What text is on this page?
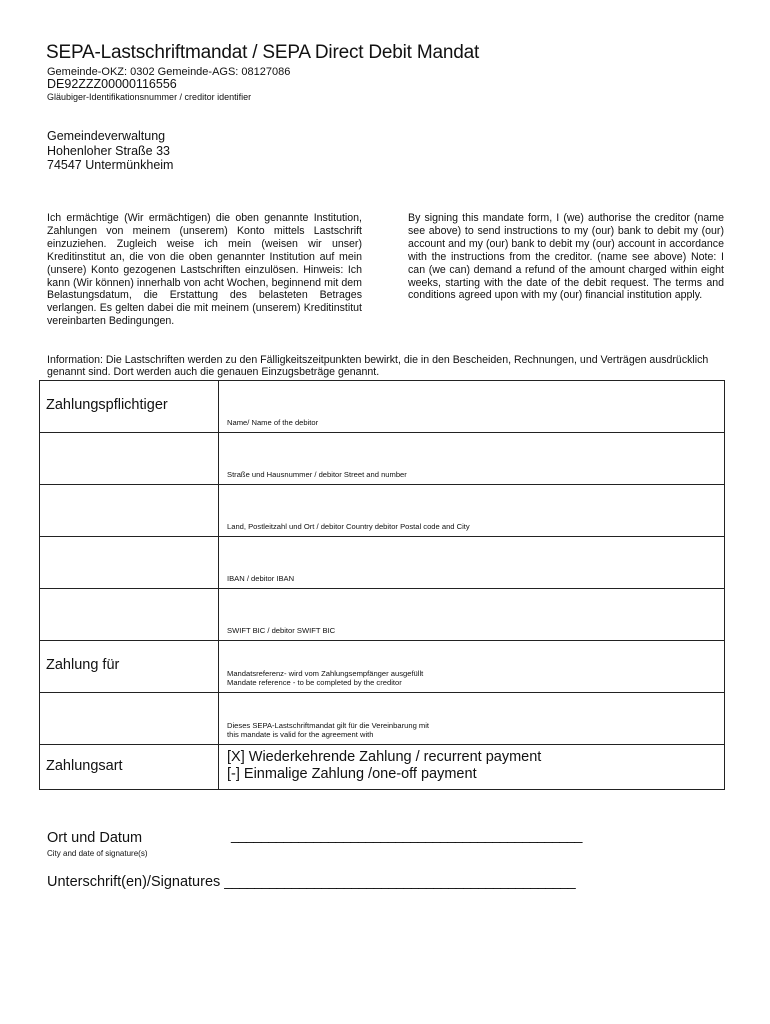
SEPA-Lastschriftmandat / SEPA Direct Debit Mandat
Gemeinde-OKZ: 0302 Gemeinde-AGS: 08127086
DE92ZZZ00000116556
Gläubiger-Identifikationsnummer / creditor identifier
Gemeindeverwaltung
Hohenloher Straße 33
74547 Untermünkheim
Ich ermächtige (Wir ermächtigen) die oben genannte Institution, Zahlungen von meinem (unserem) Konto mittels Lastschrift einzuziehen. Zugleich weise ich mein (weisen wir unser) Kreditinstitut an, die von die oben genannter Institution auf mein (unsere) Konto gezogenen Lastschriften einzulösen. Hinweis: Ich kann (Wir können) innerhalb von acht Wochen, beginnend mit dem Belastungsdatum, die Erstattung des belasteten Betrages verlangen. Es gelten dabei die mit meinem (unserem) Kreditinstitut vereinbarten Bedingungen.
By signing this mandate form, I (we) authorise the creditor (name see above) to send instructions to my (our) bank to debit my (our) account and my (our) bank to debit my (our) account in accordance with the instructions from the creditor. (name see above) Note: I can (we can) demand a refund of the amount charged within eight weeks, starting with the date of the debit request. The terms and conditions agreed upon with my (our) financial institution apply.
Information: Die Lastschriften werden zu den Fälligkeitszeitpunkten bewirkt, die in den Bescheiden, Rechnungen, und Verträgen ausdrücklich genannt sind. Dort werden auch die genauen Einzugsbeträge genannt.
Zahlungspflichtiger	Name/ Name of the debitor

	Straße und Hausnummer / debitor Street and number

	Land, Postleitzahl und Ort / debitor Country debitor Postal code and City

	IBAN / debitor IBAN

	SWIFT BIC / debitor SWIFT BIC

Zahlung für	Mandatsreferenz- wird vom Zahlungsempfänger ausgefüllt
Mandate reference - to be completed by the creditor

	Dieses SEPA-Lastschriftmandat gilt für die Vereinbarung mit
this mandate is valid for the agreement with

Zahlungsart	[X] Wiederkehrende Zahlung / recurrent payment
[-] Einmalige Zahlung /one-off payment
Ort und Datum	_______________________________________________
City and date of signature(s)
Unterschrift(en)/Signatures _______________________________________________
